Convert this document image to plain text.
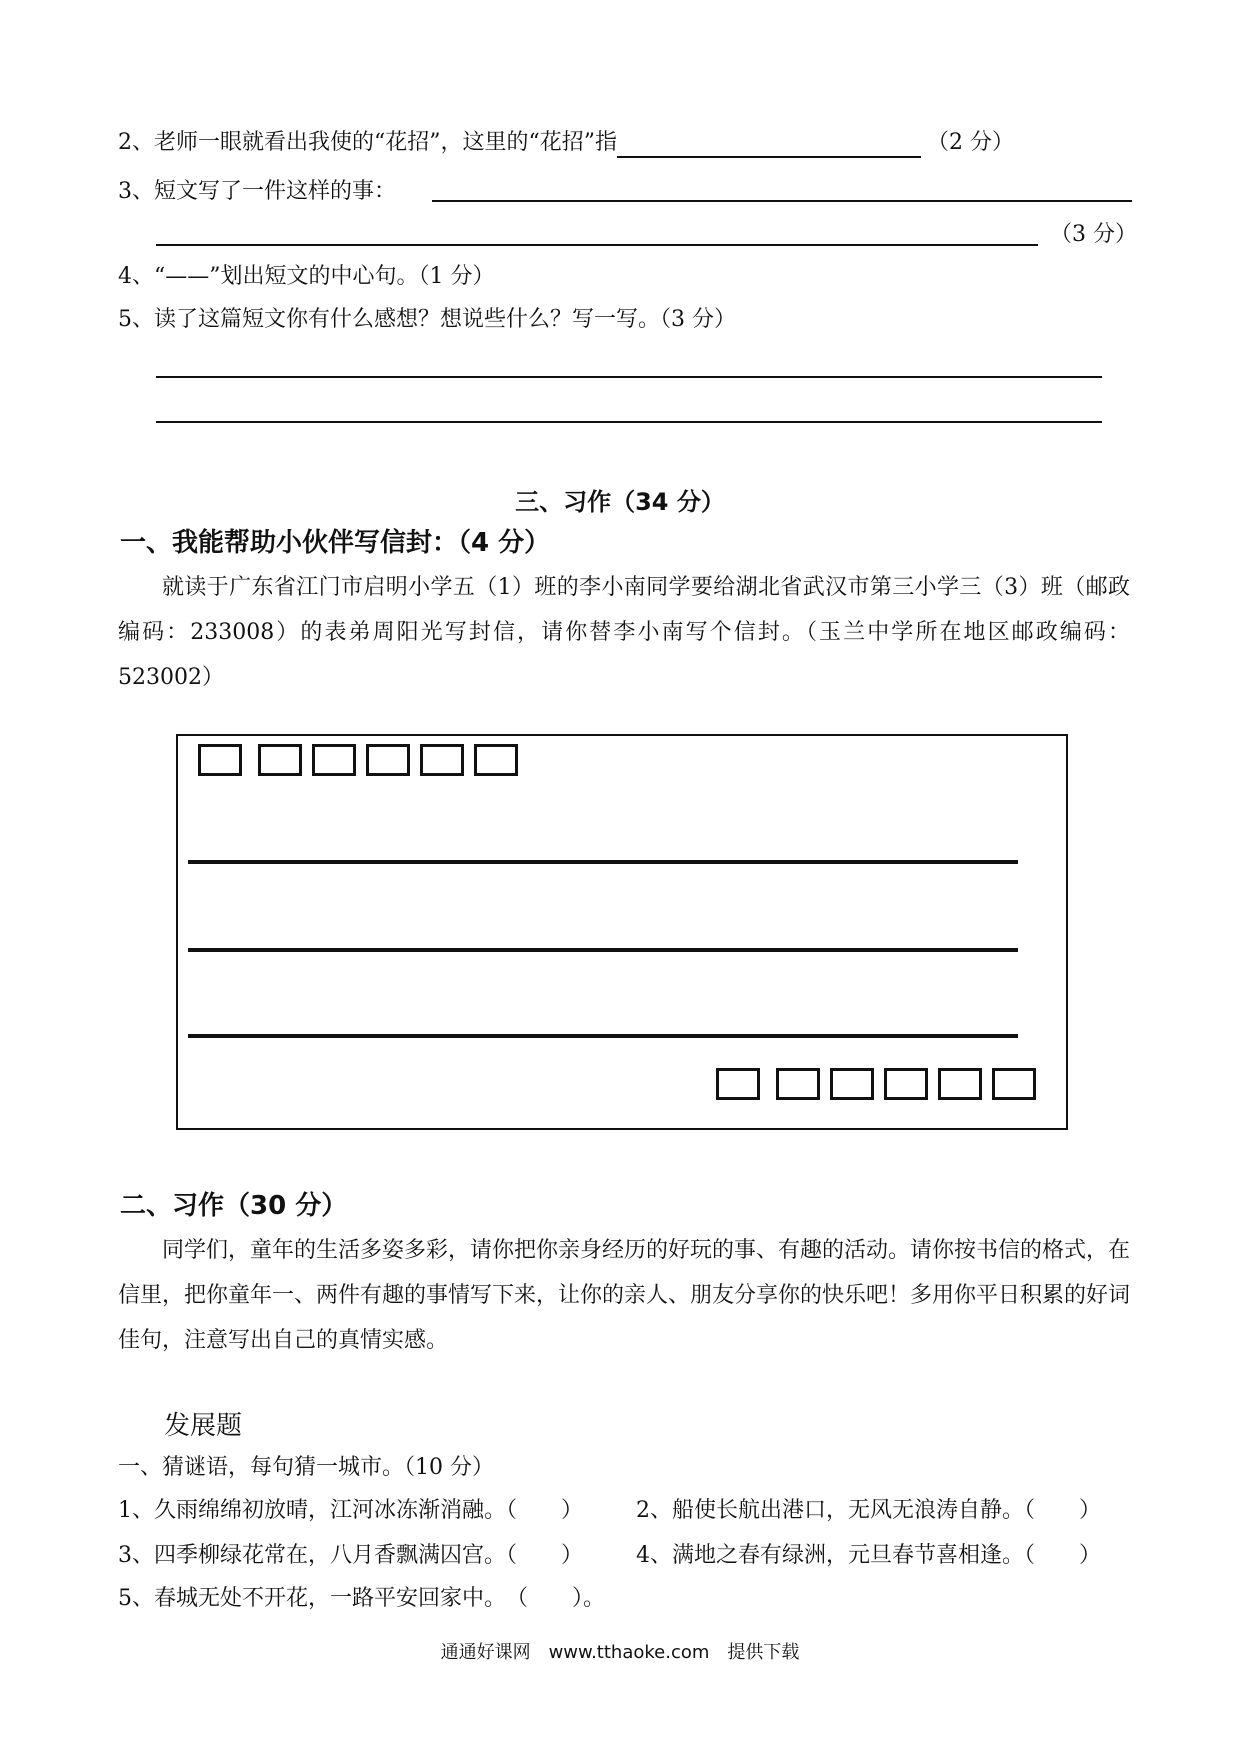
2、老师一眼就看出我使的“花招”，这里的“花招”指	（2 分）
3、短文写了一件这样的事：
（3 分）
4、“——”划出短文的中心句。（1 分）
5、读了这篇短文你有什么感想？想说些什么？写一写。（3 分）
三、习作（34 分）
一、我能帮助小伙伴写信封：（4 分）
就读于广东省江门市启明小学五（1）班的李小南同学要给湖北省武汉市第三小学三（3）班（邮政编码：233008）的表弟周阳光写封信，请你替李小南写个信封。（玉兰中学所在地区邮政编码：523002）
二、习作（30 分）
同学们，童年的生活多姿多彩，请你把你亲身经历的好玩的事、有趣的活动。请你按书信的格式，在信里，把你童年一、两件有趣的事情写下来，让你的亲人、朋友分享你的快乐吧！多用你平日积累的好词佳句，注意写出自己的真情实感。
发展题
一、猜谜语，每句猜一城市。（10 分）
1、久雨绵绵初放晴，江河冰冻渐消融。（　　） 2、船使长航出港口，无风无浪涛自静。（　　）
3、四季柳绿花常在，八月香飘满囚宫。（　　） 4、满地之春有绿洲，元旦春节喜相逢。（　　）
5、春城无处不开花，一路平安回家中。　（　　）。
通通好课网　www.tthaoke.com　提供下载
